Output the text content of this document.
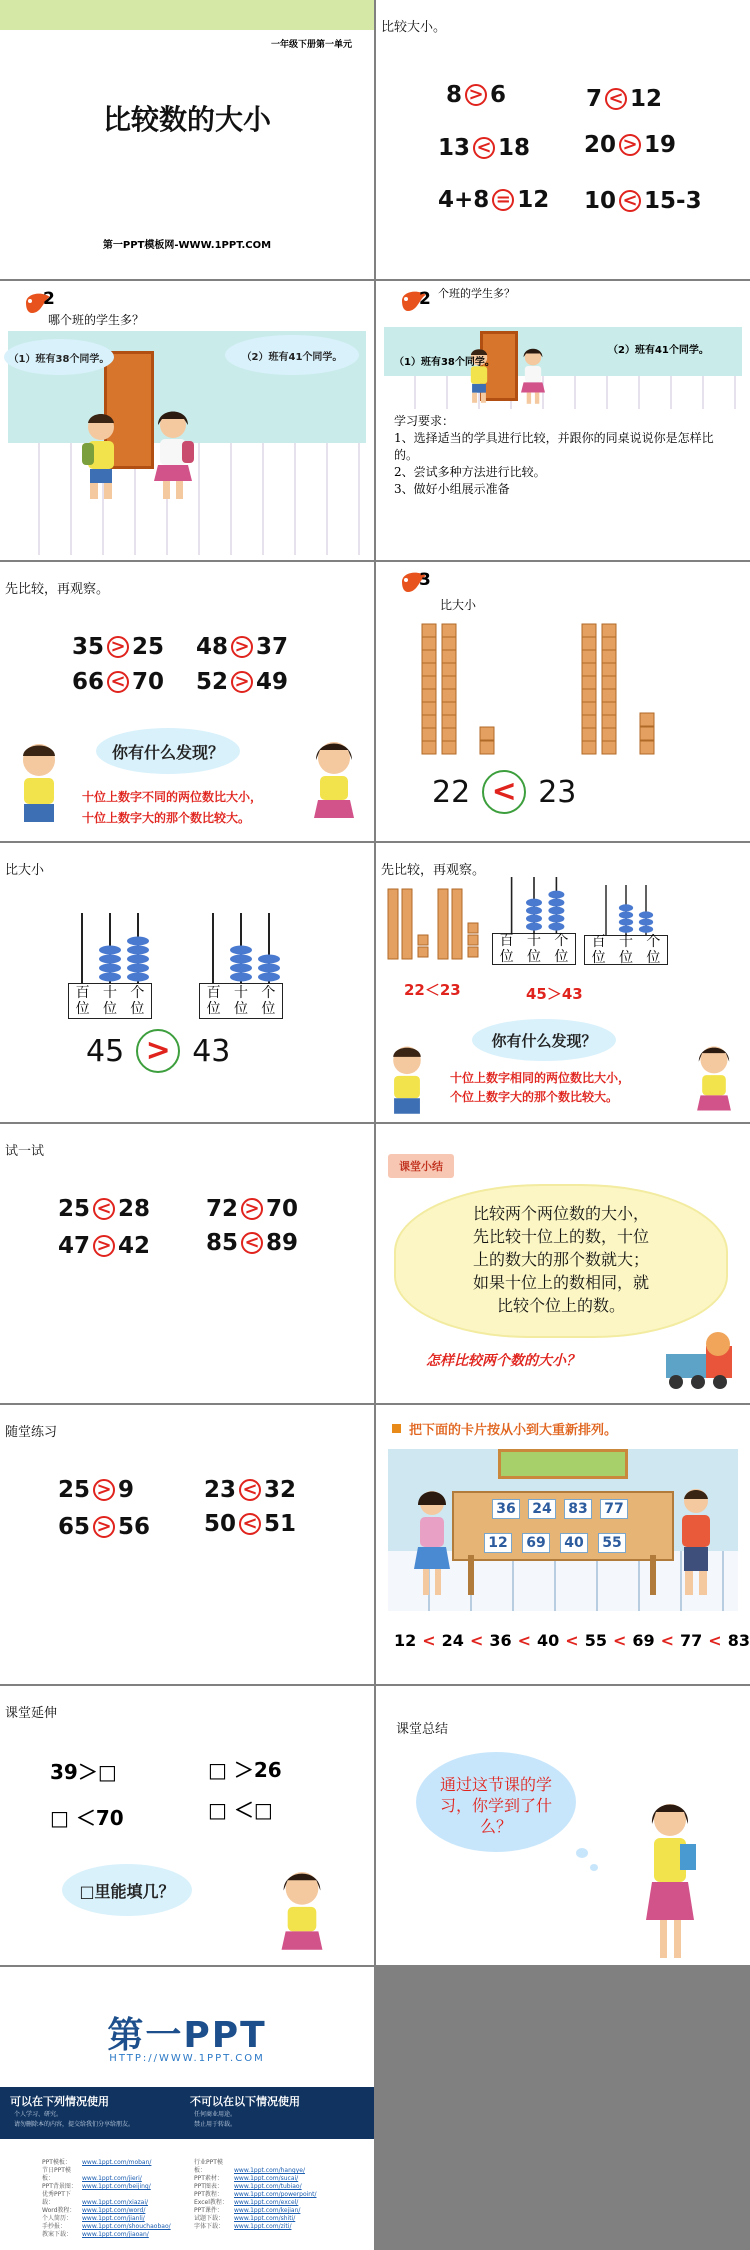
一年级下册第一单元
比较数的大小
第一PPT模板网-WWW.1PPT.COM
比较大小。
8 > 6	7 < 12
13 < 18 20 > 19
4+8 = 12 10 < 15-3
2
哪个班的学生多？
（1）班有38个同学。	（2）班有41个同学。
2 个班的学生多？
（1）班有38个同学。
（2）班有41个同学。
学习要求：
1、选择适当的学具进行比较，并跟你的同桌说说你是怎样比的。
2、尝试多种方法进行比较。
3、做好小组展示准备
先比较，再观察。
35 > 25 48 > 37
66 < 70 52 > 49
你有什么发现？
十位上数字不同的两位数比大小，
十位上数字大的那个数比较大。
3
比大小
22 < 23
比大小
百位
十位
个位
百位
十位
个位
45 > 43
先比较，再观察。
百位
十位
个位
百位
十位
个位
22＜23	45＞43
你有什么发现？
十位上数字相同的两位数比大小，
个位上数字大的那个数比较大。
试一试
25 < 28 72 > 70
47 > 42 85 < 89
课堂小结
比较两个两位数的大小，
先比较十位上的数，十位
上的数大的那个数就大；
如果十位上的数相同，就
比较个位上的数。
怎样比较两个数的大小？
随堂练习
25 > 9	23 < 32
65 > 56 50 < 51
把下面的卡片按从小到大重新排列。
36	24	83	77
12	69	40	55
12 < 24 < 36 < 40 < 55 < 69 < 77 < 83
课堂延伸
39＞□	□ ＞26
□ ＜70	□ ＜□
□里能填几？
课堂总结
通过这节课的学习，你学到了什么？
第一PPT
HTTP://WWW.1PPT.COM
可以在下列情况使用
个人学习、研究。
请勿删除本的内容，提交给我们分享给朋友。
不可以在以下情况使用
任何商业用途。
禁止用于转载。
PPT模板： www.1ppt.com/moban/
节日PPT模板：	www.1ppt.com/jieri/
PPT背景图： www.1ppt.com/beijing/
优秀PPT下载：	www.1ppt.com/xiazai/
Word教程： www.1ppt.com/word/
个人简历： www.1ppt.com/jianli/
手抄报：	www.1ppt.com/shouchaobao/
教案下载： www.1ppt.com/jiaoan/
行业PPT模板：	www.1ppt.com/hangye/
PPT素材： www.1ppt.com/sucai/
PPT图表： www.1ppt.com/tubiao/
PPT教程： www.1ppt.com/powerpoint/
Excel教程： www.1ppt.com/excel/
PPT课件： www.1ppt.com/kejian/
试题下载： www.1ppt.com/shiti/
字体下载： www.1ppt.com/ziti/
